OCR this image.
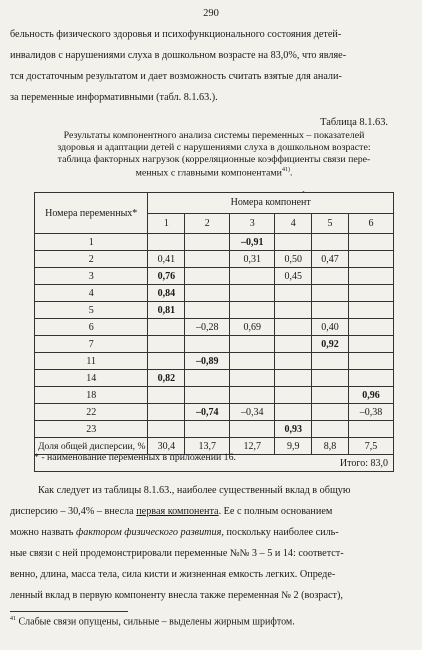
290
бельность физического здоровья и психофункционального состояния детей-
инвалидов с нарушениями слуха в дошкольном возрасте на 83,0%, что являе-
тся достаточным результатом и дает возможность считать взятые для анали-
за переменные информативными (табл. 8.1.63.).
Таблица 8.1.63.
Результаты компонентного анализа системы переменных – показателей
здоровья и адаптации детей с нарушениями слуха в дошкольном возрасте:
таблица факторных нагрузок (корреляционные коэффициенты связи пере-
менных с главными компонентами$^{41)}$.
•
Номера переменных*	Номера компонент					
	1	2	3	4	5	6
1			–0,91			
2	0,41		0,31	0,50	0,47	
3	0,76			0,45		
4	0,84					
5	0,81					
6		–0,28	0,69		0,40	
7					0,92	
11		–0,89				
14	0,82					
18						0,96
22		–0,74	–0,34			–0,38
23				0,93		
Доля общей дисперсии, %	30,4	13,7	12,7	9,9	8,8	7,5
Итого: 83,0						
* - наименование переменных в приложении 16.
Как следует из таблицы 8.1.63., наиболее существенный вклад в общую
дисперсию – 30,4% – внесла первая компонента. Ее с полным основанием
можно назвать фактором физического развития, поскольку наиболее силь-
ные связи с ней продемонстрировали переменные №№ 3 – 5 и 14: соответст-
венно, длина, масса тела, сила кисти и жизненная емкость легких. Опреде-
ленный вклад в первую компоненту внесла также переменная № 2 (возраст),
$^{41}$ Слабые связи опущены, сильные – выделены жирным шрифтом.
